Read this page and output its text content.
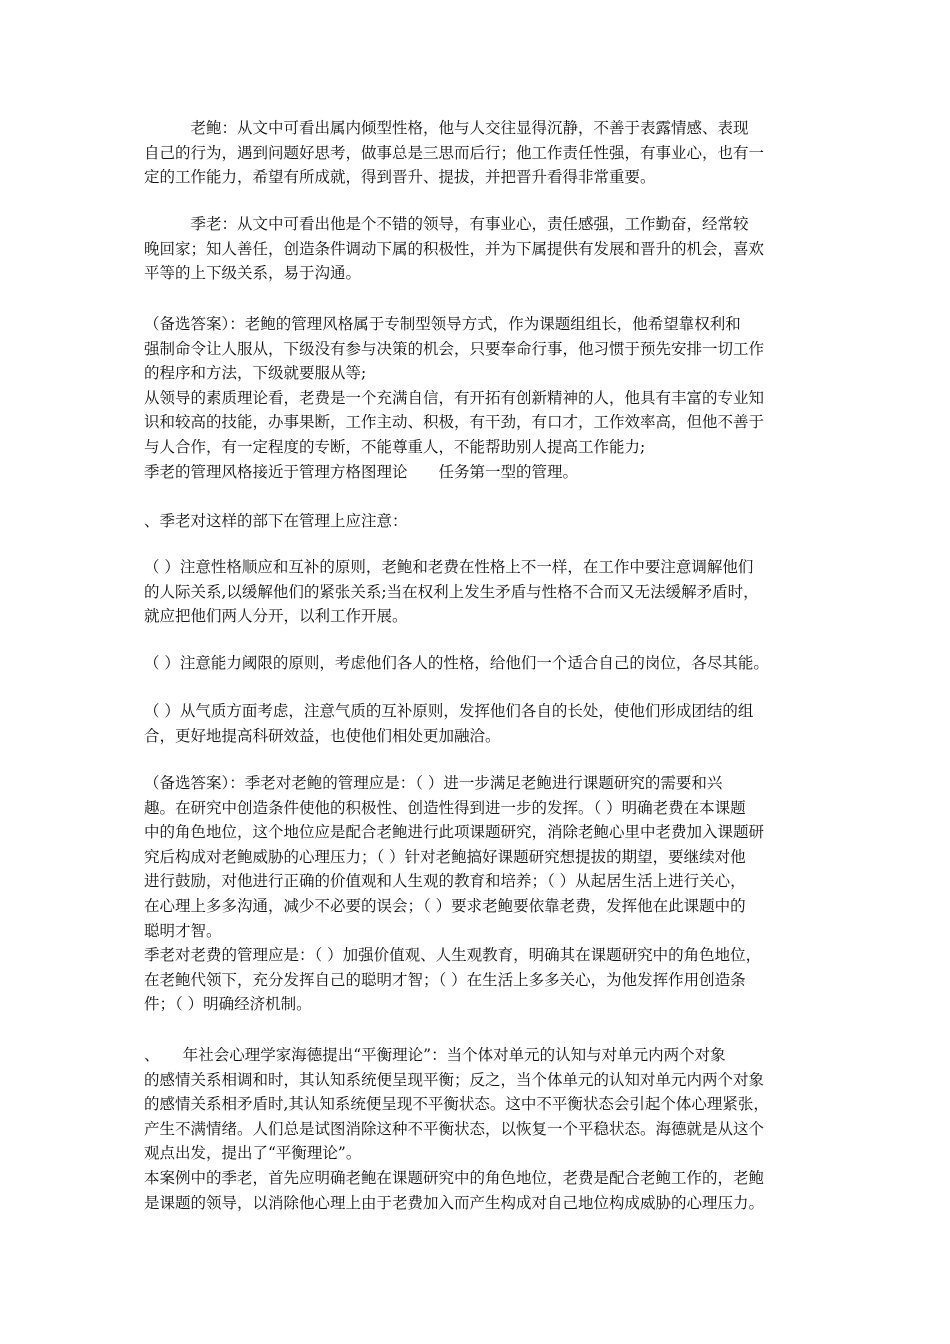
　　　老鲍：从文中可看出属内倾型性格，他与人交往显得沉静，不善于表露情感、表现
自己的行为，遇到问题好思考，做事总是三思而后行；他工作责任性强，有事业心，也有一
定的工作能力，希望有所成就，得到晋升、提拔，并把晋升看得非常重要。
　　　季老：从文中可看出他是个不错的领导，有事业心，责任感强，工作勤奋，经常较
晚回家；知人善任，创造条件调动下属的积极性，并为下属提供有发展和晋升的机会，喜欢
平等的上下级关系，易于沟通。
（备选答案）：老鲍的管理风格属于专制型领导方式，作为课题组组长，他希望靠权利和
强制命令让人服从，下级没有参与决策的机会，只要奉命行事，他习惯于预先安排一切工作
的程序和方法，下级就要服从等;
从领导的素质理论看，老费是一个充满自信，有开拓有创新精神的人，他具有丰富的专业知
识和较高的技能，办事果断，工作主动、积极，有干劲，有口才，工作效率高，但他不善于
与人合作，有一定程度的专断，不能尊重人，不能帮助别人提高工作能力;
季老的管理风格接近于管理方格图理论　　任务第一型的管理。
、季老对这样的部下在管理上应注意：
（ ）注意性格顺应和互补的原则，老鲍和老费在性格上不一样，在工作中要注意调解他们
的人际关系,以缓解他们的紧张关系;当在权利上发生矛盾与性格不合而又无法缓解矛盾时，
就应把他们两人分开，以利工作开展。
（ ）注意能力阈限的原则，考虑他们各人的性格，给他们一个适合自己的岗位，各尽其能。
（ ）从气质方面考虑，注意气质的互补原则，发挥他们各自的长处，使他们形成团结的组
合，更好地提高科研效益，也使他们相处更加融洽。
（备选答案）：季老对老鲍的管理应是：（ ）进一步满足老鲍进行课题研究的需要和兴
趣。在研究中创造条件使他的积极性、创造性得到进一步的发挥。（ ）明确老费在本课题
中的角色地位，这个地位应是配合老鲍进行此项课题研究，消除老鲍心里中老费加入课题研
究后构成对老鲍威胁的心理压力；（ ）针对老鲍搞好课题研究想提拔的期望，要继续对他
进行鼓励，对他进行正确的价值观和人生观的教育和培养；（ ）从起居生活上进行关心，
在心理上多多沟通，减少不必要的误会；（ ）要求老鲍要依靠老费，发挥他在此课题中的
聪明才智。
季老对老费的管理应是：（ ）加强价值观、人生观教育，明确其在课题研究中的角色地位，
在老鲍代领下，充分发挥自己的聪明才智；（ ）在生活上多多关心，为他发挥作用创造条
件；（ ）明确经济机制。
、　　年社会心理学家海德提出“平衡理论”：当个体对单元的认知与对单元内两个对象
的感情关系相调和时，其认知系统便呈现平衡；反之，当个体单元的认知对单元内两个对象
的感情关系相矛盾时,其认知系统便呈现不平衡状态。这中不平衡状态会引起个体心理紧张，
产生不满情绪。人们总是试图消除这种不平衡状态，以恢复一个平稳状态。海德就是从这个
观点出发，提出了“平衡理论”。
本案例中的季老，首先应明确老鲍在课题研究中的角色地位，老费是配合老鲍工作的，老鲍
是课题的领导，以消除他心理上由于老费加入而产生构成对自己地位构成威胁的心理压力。
